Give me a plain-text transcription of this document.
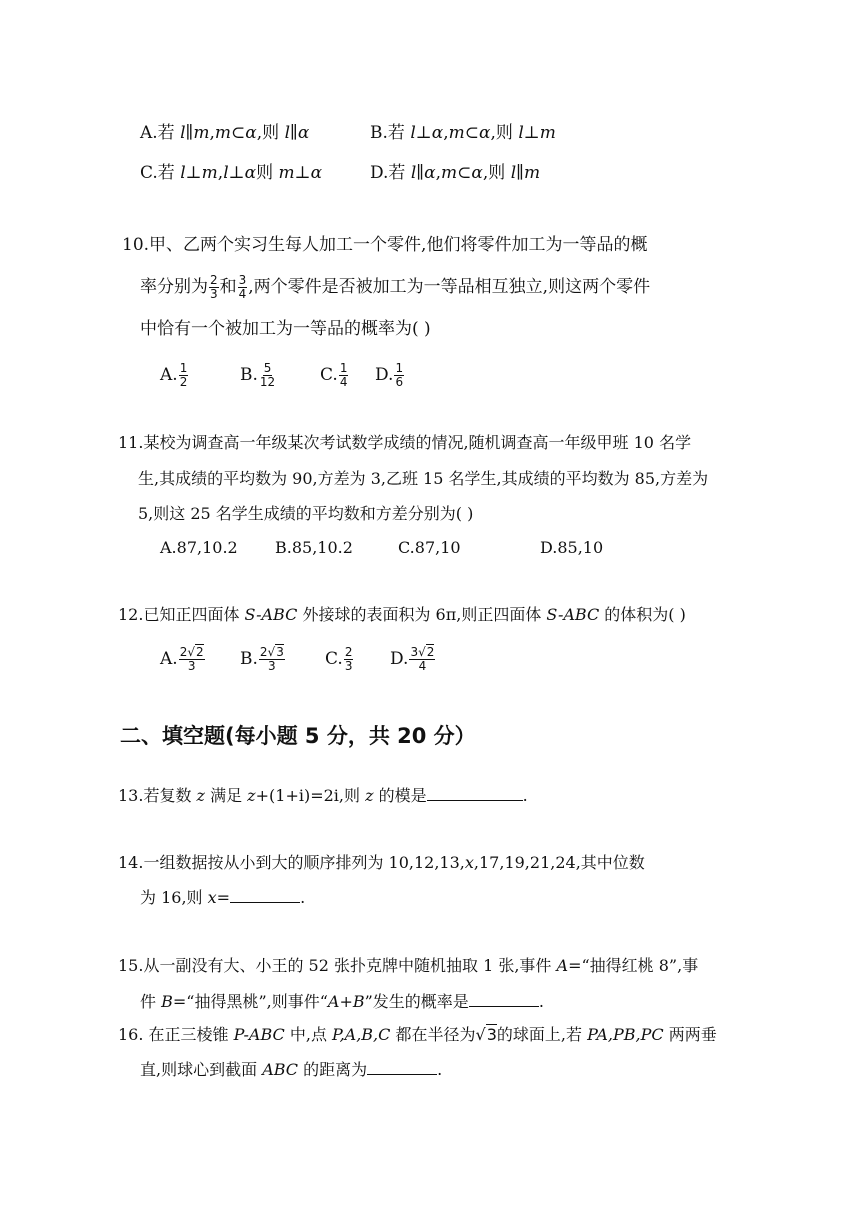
A.若 l∥m,m⊂α,则 l∥α	B.若 l⊥α,m⊂α,则 l⊥m
C.若 l⊥m,l⊥α则 m⊥α	D.若 l∥α,m⊂α,则 l∥m
10.甲、乙两个实习生每人加工一个零件,他们将零件加工为一等品的概
率分别为 $\frac{2}{3}$ 和 $\frac{3}{4}$ ,两个零件是否被加工为一等品相互独立,则这两个零件
中恰有一个被加工为一等品的概率为( )
A. $\frac{1}{2}$	B. $\frac{5}{12}$	C. $\frac{1}{4} D$. $\frac{1}{6}$
11.某校为调查高一年级某次考试数学成绩的情况,随机调查高一年级甲班 10 名学
生,其成绩的平均数为 90,方差为 3,乙班 15 名学生,其成绩的平均数为 85,方差为
5,则这 25 名学生成绩的平均数和方差分别为( )
A.87,10.2 B.85,10.2	C.87,10	D.85,10
12.已知正四面体 S-ABC 外接球的表面积为 6π,则正四面体 S-ABC 的体积为( )
A. $\frac{2√2}{3} B$. $\frac{2√3}{3} C$. $\frac{2}{3} D$. $\frac{3√2}{4}$
二、填空题(每小题 5 分，共 20 分）
13.若复数 z 满足 z+(1+i)=2i,则 z 的模是	.
14.一组数据按从小到大的顺序排列为 10,12,13,x,17,19,21,24,其中位数
为 16,则 x=	.
15.从一副没有大、小王的 52 张扑克牌中随机抽取 1 张,事件 A=“抽得红桃 8”,事
件 B=“抽得黑桃”,则事件“A+B”发生的概率是	.
16. 在正三棱锥 P-ABC 中,点 P,A,B,C 都在半径为√3的球面上,若 PA,PB,PC 两两垂
直,则球心到截面 ABC 的距离为	.
